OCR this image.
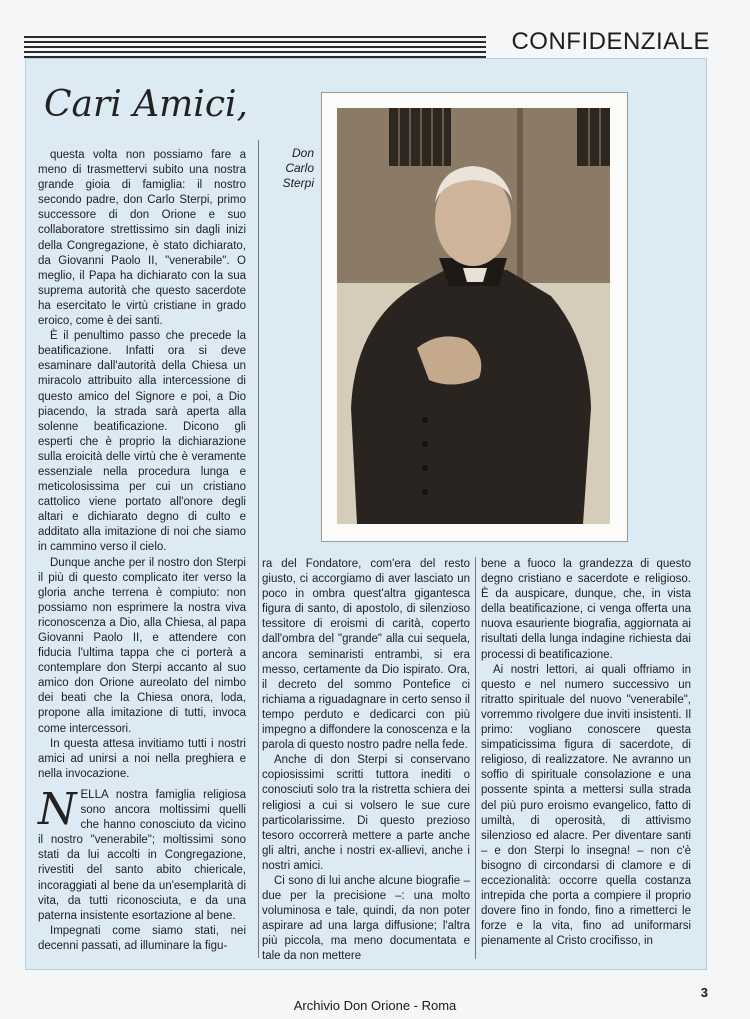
CONFIDENZIALE
Cari Amici,

questa volta non possiamo fare a meno di trasmettervi subito una nostra grande gioia di famiglia: il nostro secondo padre, don Carlo Sterpi, primo successore di don Orione e suo collaboratore strettissimo sin dagli inizi della Congregazione, è stato dichiarato, da Giovanni Paolo II, "venerabile". O meglio, il Papa ha dichiarato con la sua suprema autorità che questo sacerdote ha esercitato le virtù cristiane in grado eroico, come è dei santi.

È il penultimo passo che precede la beatificazione. Infatti ora si deve esaminare dall'autorità della Chiesa un miracolo attribuito alla intercessione di questo amico del Signore e poi, a Dio piacendo, la strada sarà aperta alla solenne beatificazione. Dicono gli esperti che è proprio la dichiarazione sulla eroicità delle virtù che è veramente essenziale nella procedura lunga e meticolosissima per cui un cristiano cattolico viene portato all'onore degli altari e dichiarato degno di culto e additato alla imitazione di noi che siamo in cammino verso il cielo.

Dunque anche per il nostro don Sterpi il più di questo complicato iter verso la gloria anche terrena è compiuto: non possiamo non esprimere la nostra viva riconoscenza a Dio, alla Chiesa, al papa Giovanni Paolo II, e attendere con fiducia l'ultima tappa che ci porterà a contemplare don Sterpi accanto al suo amico don Orione aureolato del nimbo dei beati che la Chiesa onora, loda, propone alla imitazione di tutti, invoca come intercessori.

In questa attesa invitiamo tutti i nostri amici ad unirsi a noi nella preghiera e nella invocazione.

NELLA nostra famiglia religiosa sono ancora moltissimi quelli che hanno conosciuto da vicino il nostro "venerabile"; moltissimi sono stati da lui accolti in Congregazione, rivestiti del santo abito chiericale, incoraggiati al bene da un'esemplarità di vita, da tutti riconosciuta, e da una paterna insistente esortazione al bene.

Impegnati come siamo stati, nei decenni passati, ad illuminare la figu-

Don
Carlo
Sterpi

ra del Fondatore, com'era del resto giusto, ci accorgiamo di aver lasciato un poco in ombra quest'altra gigantesca figura di santo, di apostolo, di silenzioso tessitore di eroismi di carità, coperto dall'ombra del "grande" alla cui sequela, ancora seminaristi entrambi, si era messo, certamente da Dio ispirato. Ora, il decreto del sommo Pontefice ci richiama a riguadagnare in certo senso il tempo perduto e dedicarci con più impegno a diffondere la conoscenza e la parola di questo nostro padre nella fede.

Anche di don Sterpi si conservano copiosissimi scritti tuttora inediti o conosciuti solo tra la ristretta schiera dei religiosi a cui si volsero le sue cure particolarissime. Di questo prezioso tesoro occorrerà mettere a parte anche gli altri, anche i nostri ex-allievi, anche i nostri amici.

Ci sono di lui anche alcune biografie – due per la precisione –: una molto voluminosa e tale, quindi, da non poter aspirare ad una larga diffusione; l'altra più piccola, ma meno documentata e tale da non mettere

bene a fuoco la grandezza di questo degno cristiano e sacerdote e religioso. È da auspicare, dunque, che, in vista della beatificazione, ci venga offerta una nuova esauriente biografia, aggiornata ai risultati della lunga indagine richiesta dai processi di beatificazione.

Ai nostri lettori, ai quali offriamo in questo e nel numero successivo un ritratto spirituale del nuovo "venerabile", vorremmo rivolgere due inviti insistenti. Il primo: vogliano conoscere questa simpaticissima figura di sacerdote, di religioso, di realizzatore. Ne avranno un soffio di spirituale consolazione e una possente spinta a mettersi sulla strada del più puro eroismo evangelico, fatto di umiltà, di operosità, di attivismo silenzioso ed alacre. Per diventare santi – e don Sterpi lo insegna! – non c'è bisogno di circondarsi di clamore e di eccezionalità: occorre quella costanza intrepida che porta a compiere il proprio dovere fino in fondo, fino a rimetterci le forze e la vita, fino ad uniformarsi pienamente al Cristo crocifisso, in

3
Archivio Don Orione - Roma
